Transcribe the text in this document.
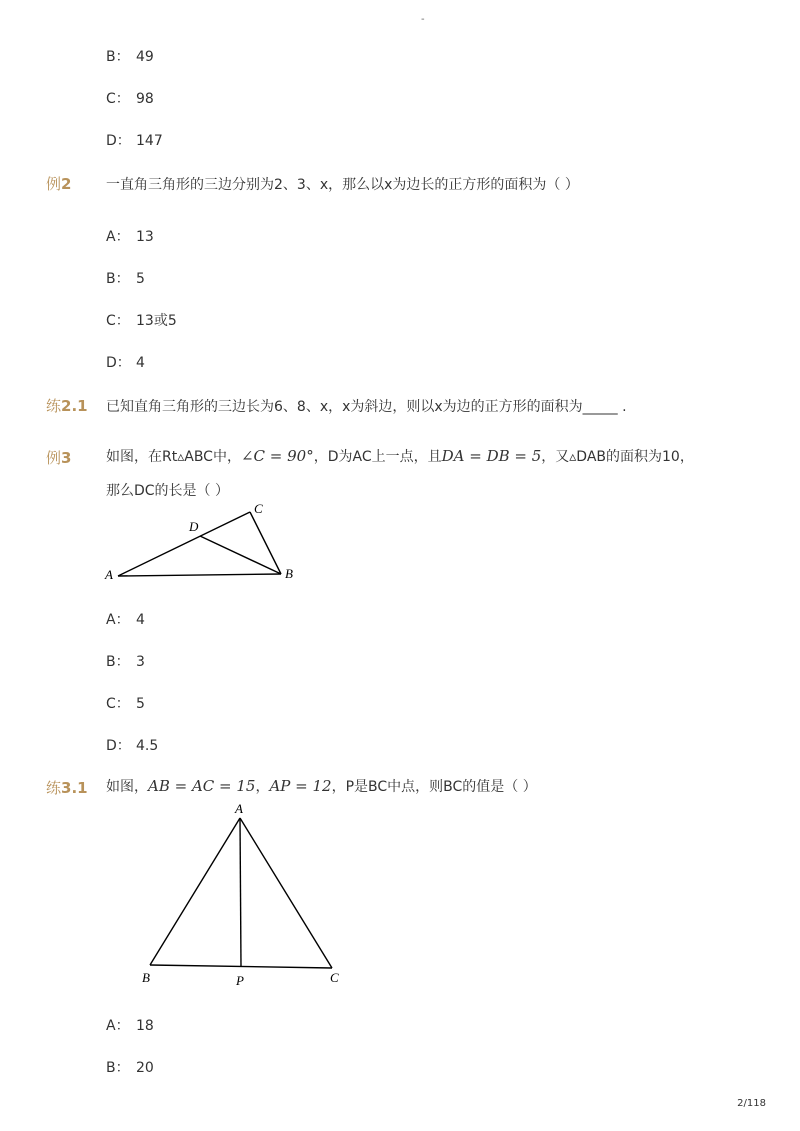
-
B： 49
C： 98
D： 147
例2 一直角三角形的三边分别为2、3、x，那么以x为边长的正方形的面积为（ ）
A： 13
B： 5
C： 13或5
D： 4
练2.1 已知直角三角形的三边长为6、8、x，x为斜边，则以x为边的正方形的面积为_____ .
例3 如图，在Rt▵ABC中，∠C = 90°，D为AC上一点，且DA = DB = 5，又▵DAB的面积为10，
那么DC的长是（ ）
A	B
C
D
A： 4
B： 3
C： 5
D： 4.5
练3.1 如图，AB = AC = 15，AP = 12，P是BC中点，则BC的值是（ ）
A
B	C
P
A： 18
B： 20
2/118
